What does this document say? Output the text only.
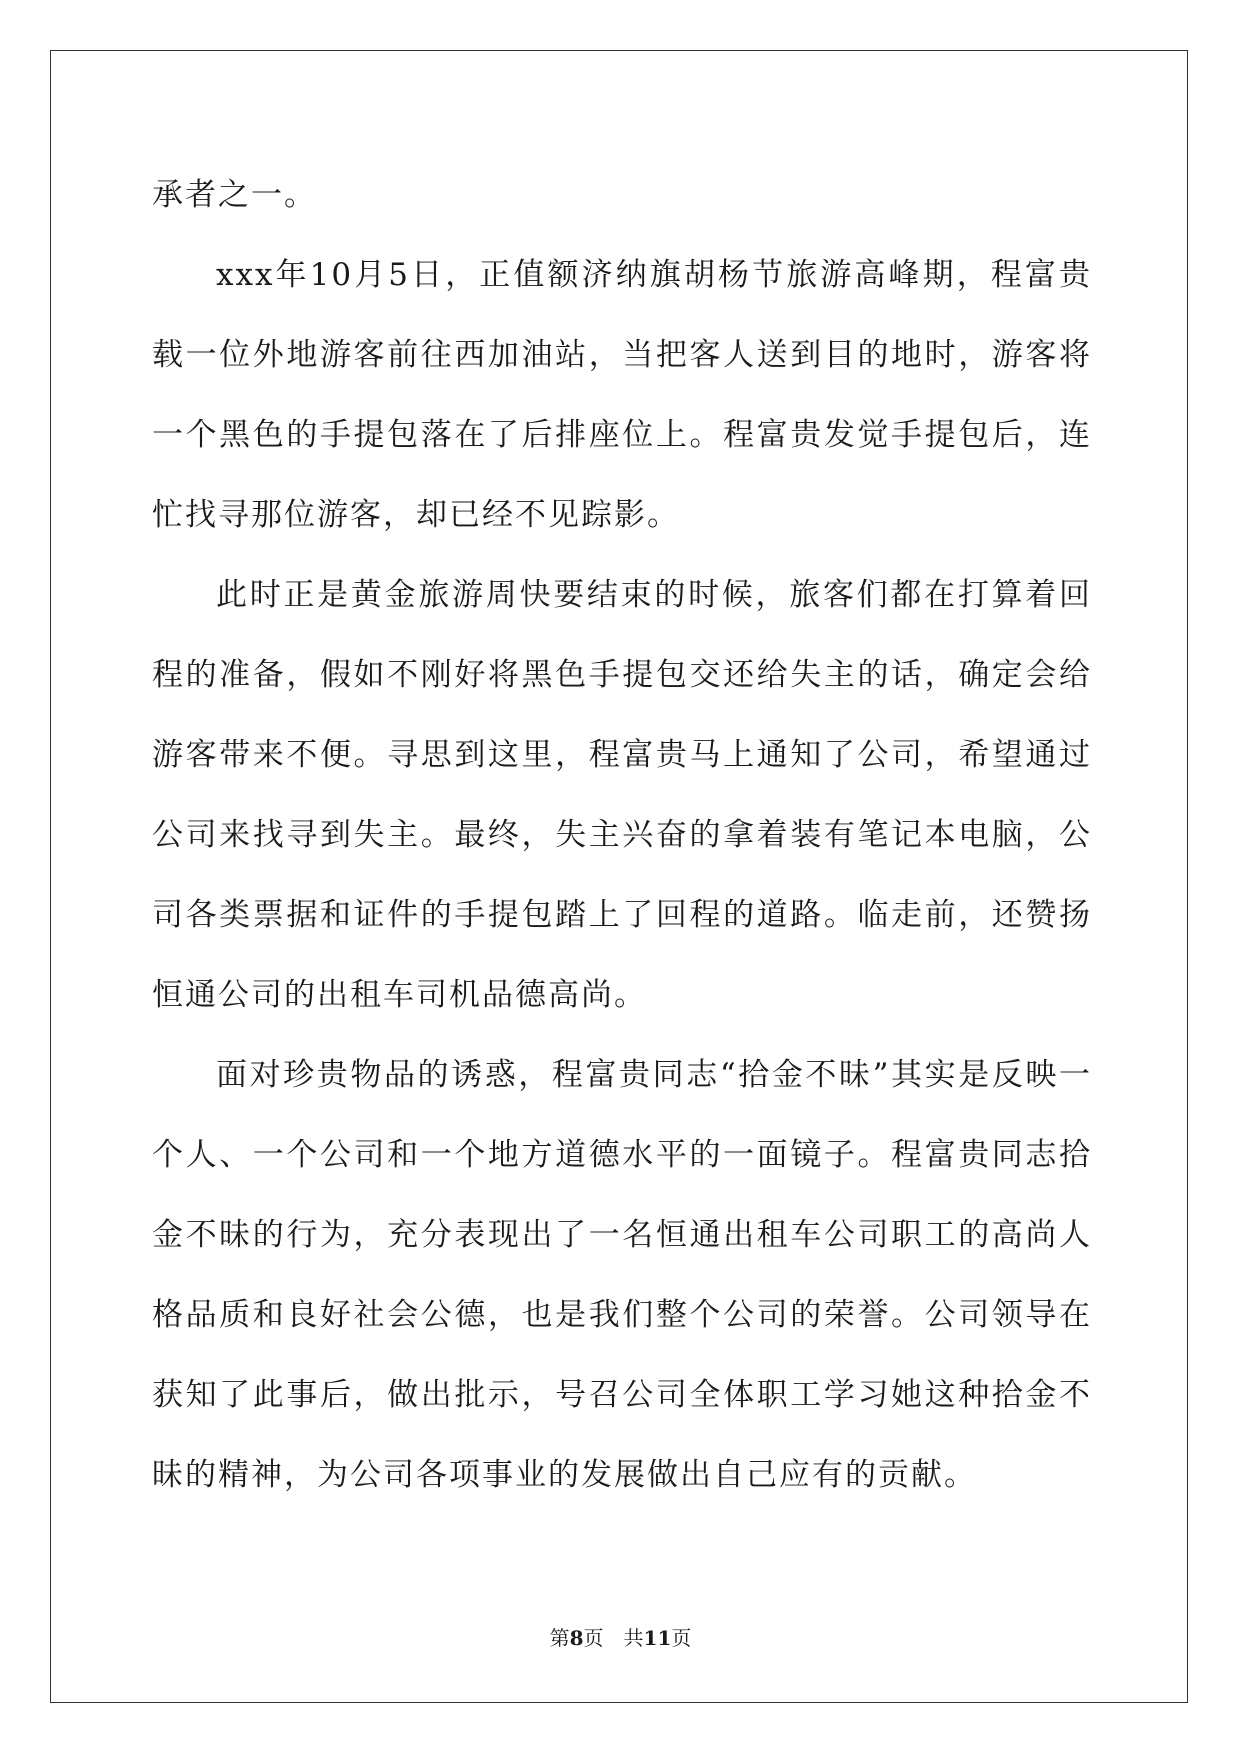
承者之一。

xxx年10月5日，正值额济纳旗胡杨节旅游高峰期，程富贵载一位外地游客前往西加油站，当把客人送到目的地时，游客将一个黑色的手提包落在了后排座位上。程富贵发觉手提包后，连忙找寻那位游客，却已经不见踪影。

此时正是黄金旅游周快要结束的时候，旅客们都在打算着回程的准备，假如不刚好将黑色手提包交还给失主的话，确定会给游客带来不便。寻思到这里，程富贵马上通知了公司，希望通过公司来找寻到失主。最终，失主兴奋的拿着装有笔记本电脑，公司各类票据和证件的手提包踏上了回程的道路。临走前，还赞扬恒通公司的出租车司机品德高尚。

面对珍贵物品的诱惑，程富贵同志“拾金不昧”其实是反映一个人、一个公司和一个地方道德水平的一面镜子。程富贵同志拾金不昧的行为，充分表现出了一名恒通出租车公司职工的高尚人格品质和良好社会公德，也是我们整个公司的荣誉。公司领导在获知了此事后，做出批示，号召公司全体职工学习她这种拾金不昧的精神，为公司各项事业的发展做出自己应有的贡献。

第8页　共11页
